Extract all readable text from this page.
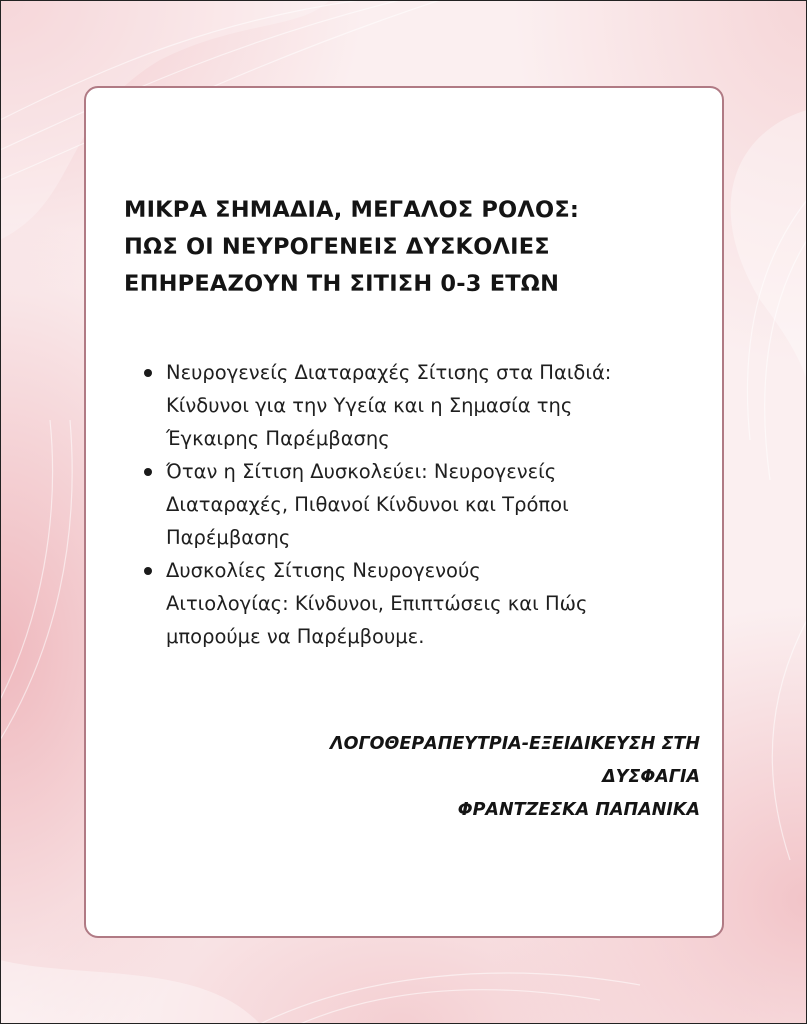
ΜΙΚΡΑ ΣΗΜΑΔΙΑ, ΜΕΓΑΛΟΣ ΡΟΛΟΣ:
ΠΩΣ ΟΙ ΝΕΥΡΟΓΕΝΕΙΣ ΔΥΣΚΟΛΙΕΣ
ΕΠΗΡΕΑΖΟΥΝ ΤΗ ΣΙΤΙΣΗ 0-3 ΕΤΩΝ
Νευρογενείς Διαταραχές Σίτισης στα Παιδιά:
Κίνδυνοι για την Υγεία και η Σημασία της
Έγκαιρης Παρέμβασης
Όταν η Σίτιση Δυσκολεύει: Νευρογενείς
Διαταραχές, Πιθανοί Κίνδυνοι και Τρόποι
Παρέμβασης
Δυσκολίες Σίτισης Νευρογενούς
Αιτιολογίας: Κίνδυνοι, Επιπτώσεις και Πώς
μπορούμε να Παρέμβουμε.
ΛΟΓΟΘΕΡΑΠΕΥΤΡΙΑ-ΕΞΕΙΔΙΚΕΥΣΗ ΣΤΗ
ΔΥΣΦΑΓΙΑ
ΦΡΑΝΤΖΕΣΚΑ ΠΑΠΑΝΙΚΑ
